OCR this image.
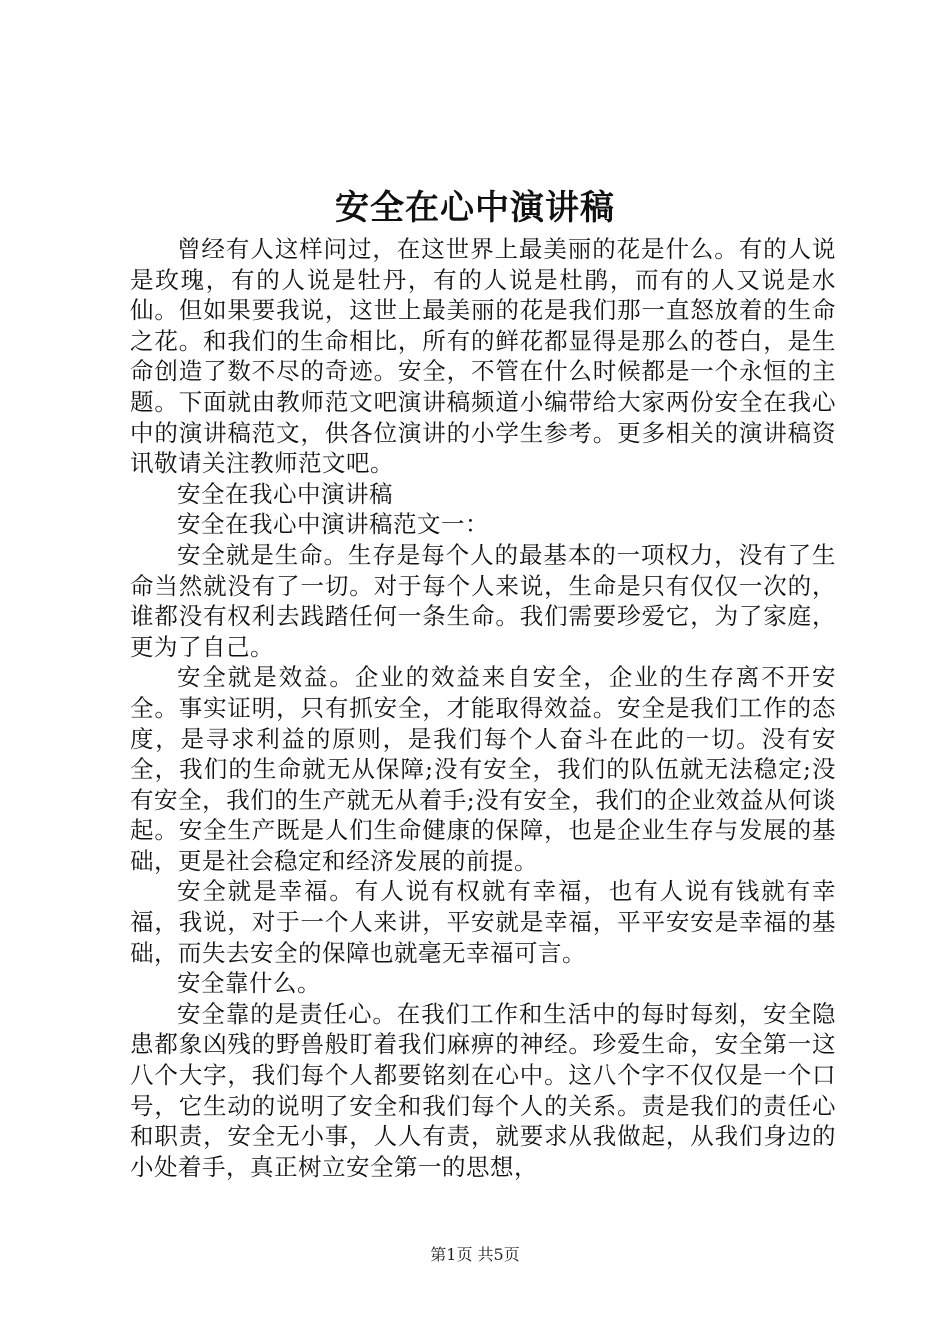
安全在心中演讲稿

曾经有人这样问过，在这世界上最美丽的花是什么。有的人说是玫瑰，有的人说是牡丹，有的人说是杜鹃，而有的人又说是水仙。但如果要我说，这世上最美丽的花是我们那一直怒放着的生命之花。和我们的生命相比，所有的鲜花都显得是那么的苍白，是生命创造了数不尽的奇迹。安全，不管在什么时候都是一个永恒的主题。下面就由教师范文吧演讲稿频道小编带给大家两份安全在我心中的演讲稿范文，供各位演讲的小学生参考。更多相关的演讲稿资讯敬请关注教师范文吧。

安全在我心中演讲稿

安全在我心中演讲稿范文一：

安全就是生命。生存是每个人的最基本的一项权力，没有了生命当然就没有了一切。对于每个人来说，生命是只有仅仅一次的，谁都没有权利去践踏任何一条生命。我们需要珍爱它，为了家庭，更为了自己。

安全就是效益。企业的效益来自安全，企业的生存离不开安全。事实证明，只有抓安全，才能取得效益。安全是我们工作的态度，是寻求利益的原则，是我们每个人奋斗在此的一切。没有安全，我们的生命就无从保障;没有安全，我们的队伍就无法稳定;没有安全，我们的生产就无从着手;没有安全，我们的企业效益从何谈起。安全生产既是人们生命健康的保障，也是企业生存与发展的基础，更是社会稳定和经济发展的前提。

安全就是幸福。有人说有权就有幸福，也有人说有钱就有幸福，我说，对于一个人来讲，平安就是幸福，平平安安是幸福的基础，而失去安全的保障也就毫无幸福可言。

安全靠什么。

安全靠的是责任心。在我们工作和生活中的每时每刻，安全隐患都象凶残的野兽般盯着我们麻痹的神经。珍爱生命，安全第一这八个大字，我们每个人都要铭刻在心中。这八个字不仅仅是一个口号，它生动的说明了安全和我们每个人的关系。责是我们的责任心和职责，安全无小事，人人有责，就要求从我做起，从我们身边的小处着手，真正树立安全第一的思想，

第1页 共5页
